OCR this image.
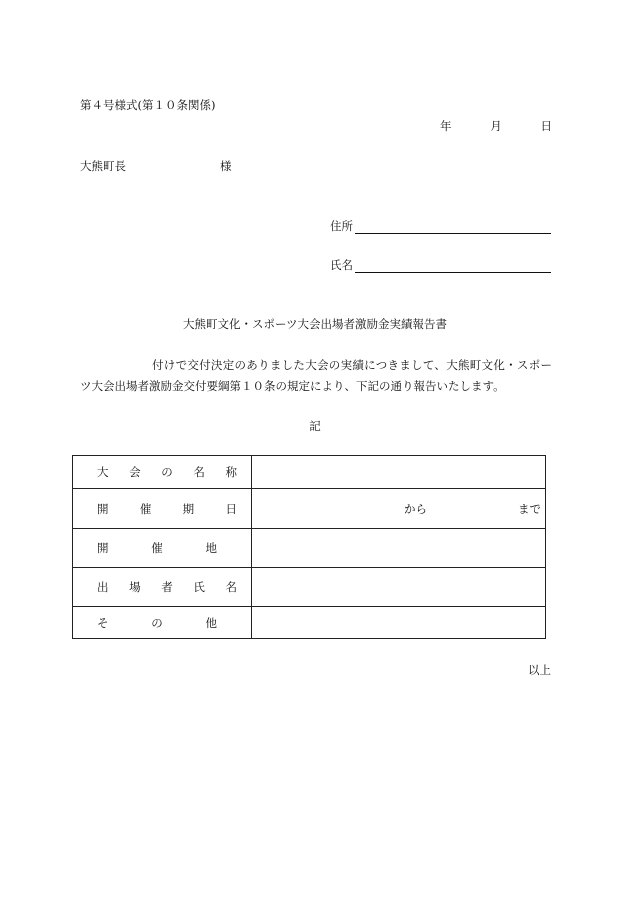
第４号様式(第１０条関係)
年	月	日
大熊町長	様
住所
氏名
大熊町文化・スポーツ大会出場者激励金実績報告書
付けで交付決定のありました大会の実績につきまして、大熊町文化・スポーツ大会出場者激励金交付要綱第１０条の規定により、下記の通り報告いたします。
記
大 会 の 名 称	

開 催 期 日	から まで

開 催 地	

出 場 者 氏 名	

そ の 他	

以上
